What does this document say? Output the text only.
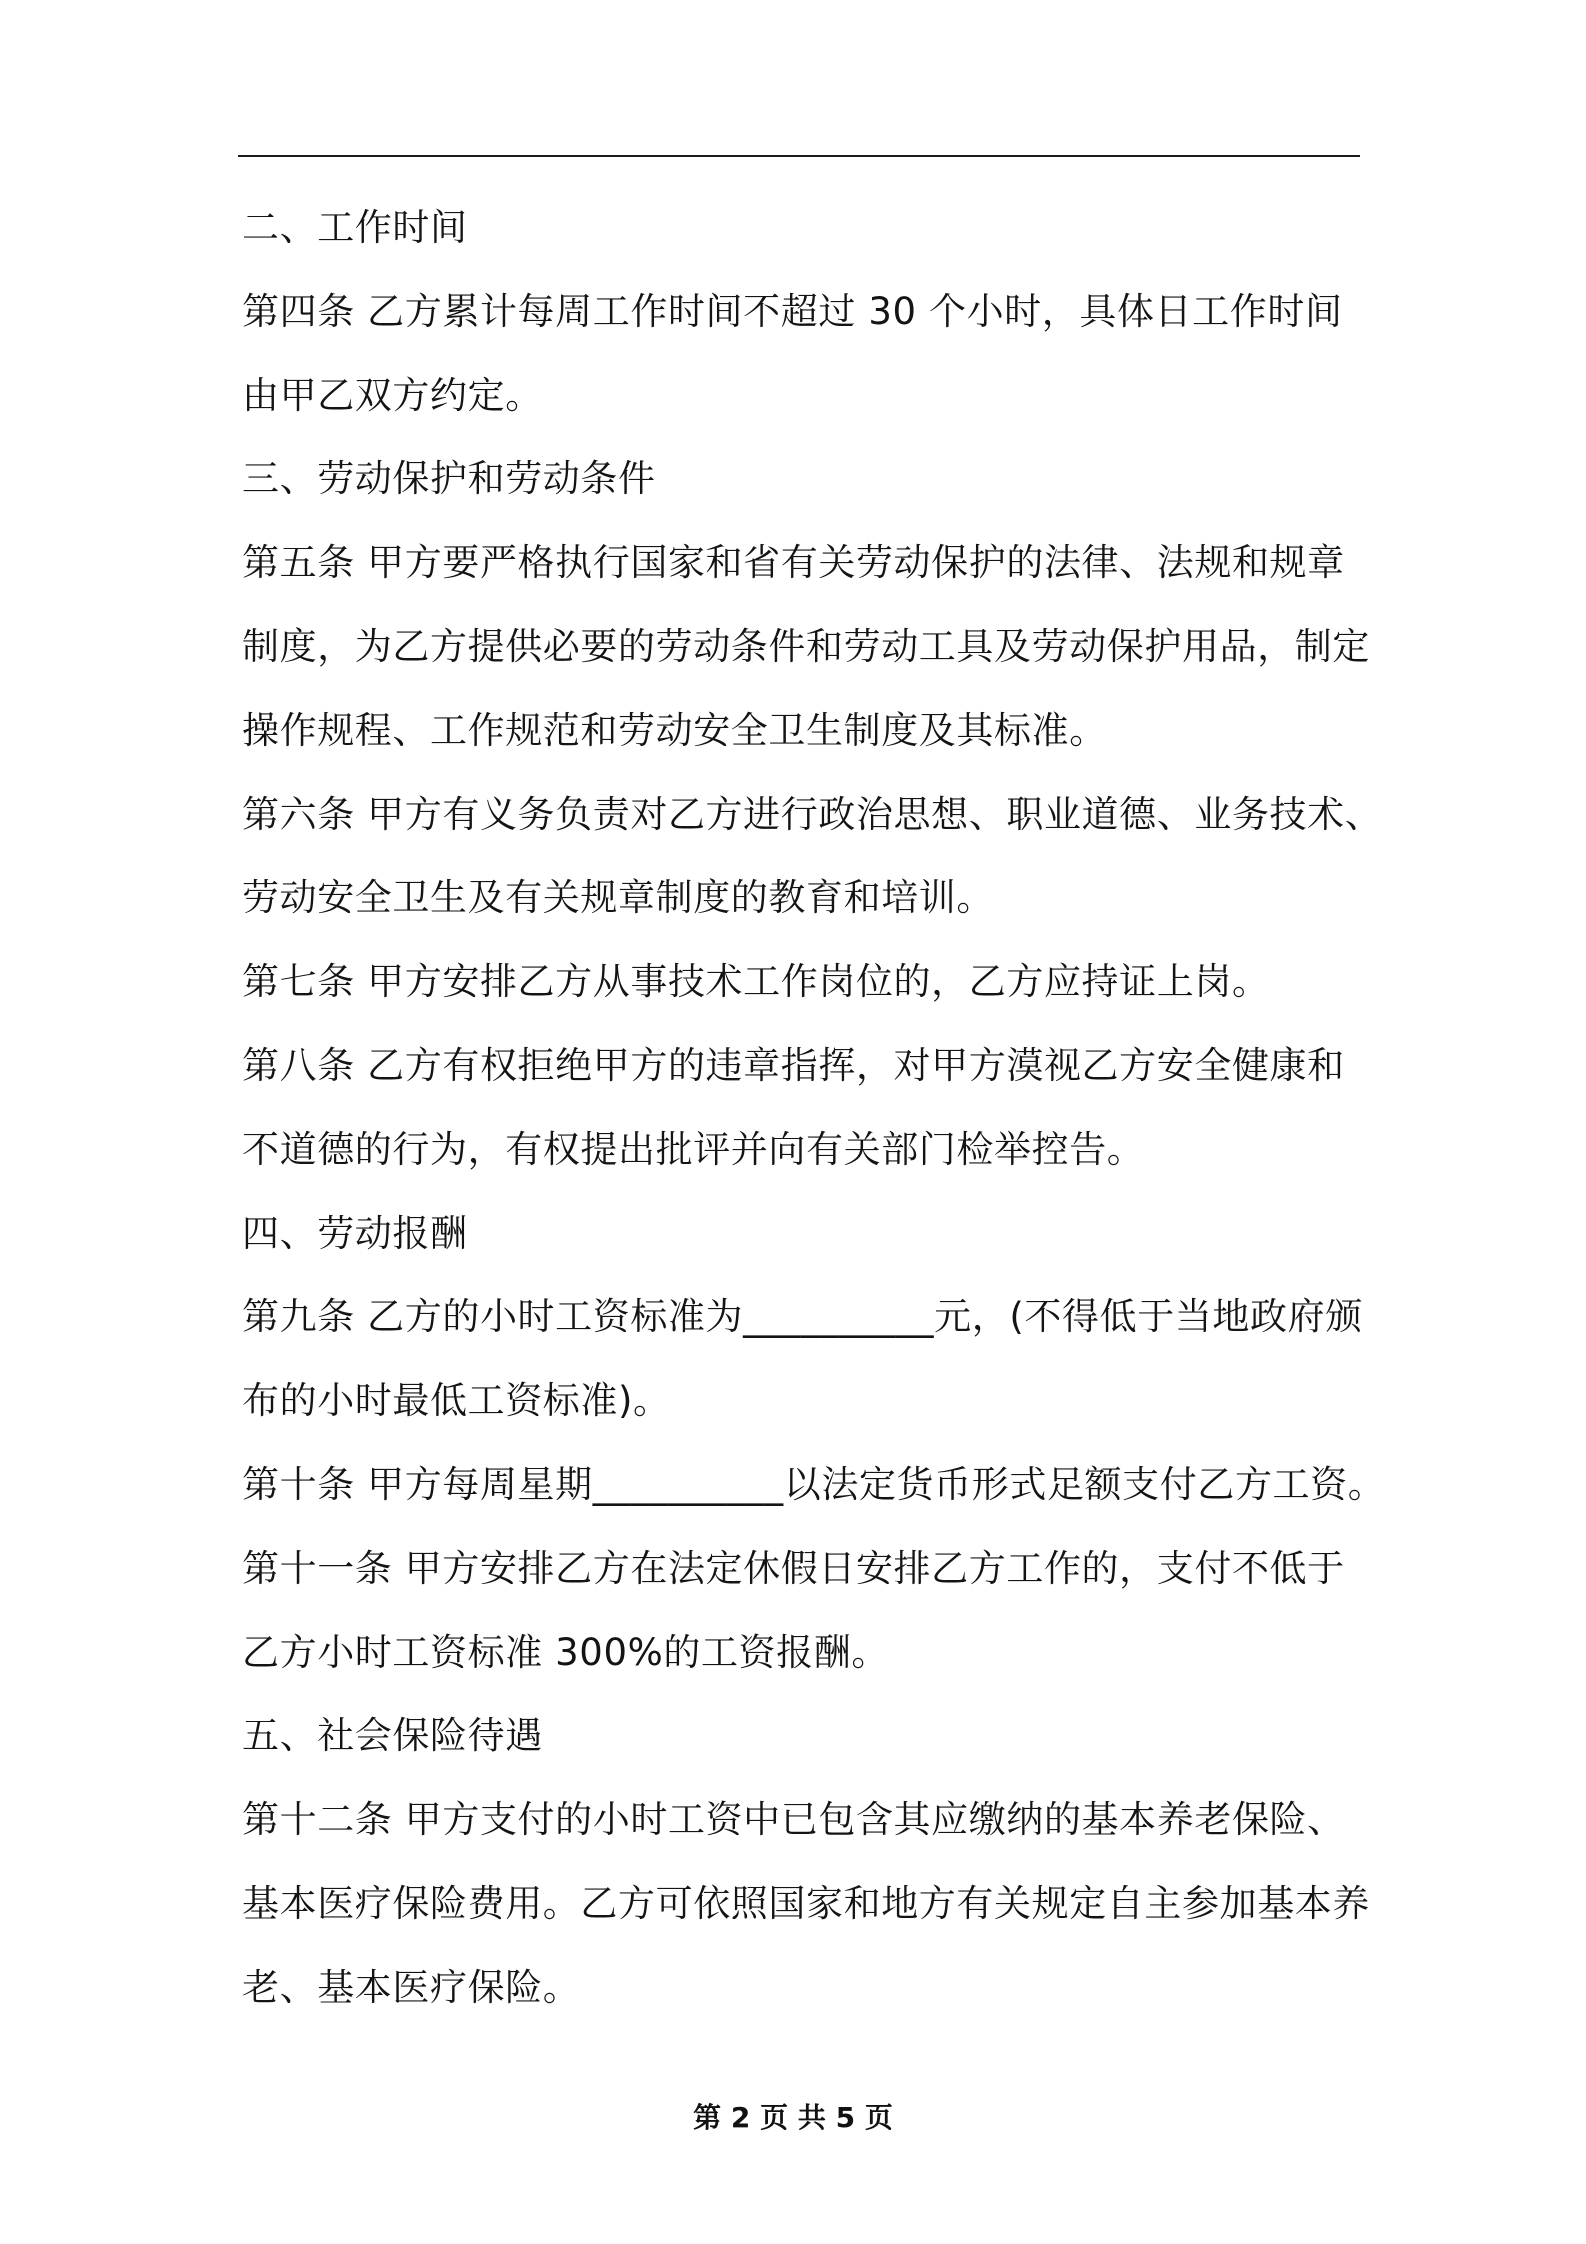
二、工作时间
第四条 乙方累计每周工作时间不超过 30 个小时，具体日工作时间
由甲乙双方约定。
三、劳动保护和劳动条件
第五条 甲方要严格执行国家和省有关劳动保护的法律、法规和规章
制度，为乙方提供必要的劳动条件和劳动工具及劳动保护用品，制定
操作规程、工作规范和劳动安全卫生制度及其标准。
第六条 甲方有义务负责对乙方进行政治思想、职业道德、业务技术、
劳动安全卫生及有关规章制度的教育和培训。
第七条 甲方安排乙方从事技术工作岗位的，乙方应持证上岗。
第八条 乙方有权拒绝甲方的违章指挥，对甲方漠视乙方安全健康和
不道德的行为，有权提出批评并向有关部门检举控告。
四、劳动报酬
第九条 乙方的小时工资标准为__________元，(不得低于当地政府颁
布的小时最低工资标准)。
第十条 甲方每周星期__________以法定货币形式足额支付乙方工资。
第十一条 甲方安排乙方在法定休假日安排乙方工作的，支付不低于
乙方小时工资标准 300%的工资报酬。
五、社会保险待遇
第十二条 甲方支付的小时工资中已包含其应缴纳的基本养老保险、
基本医疗保险费用。乙方可依照国家和地方有关规定自主参加基本养
老、基本医疗保险。
第 2 页 共 5 页
